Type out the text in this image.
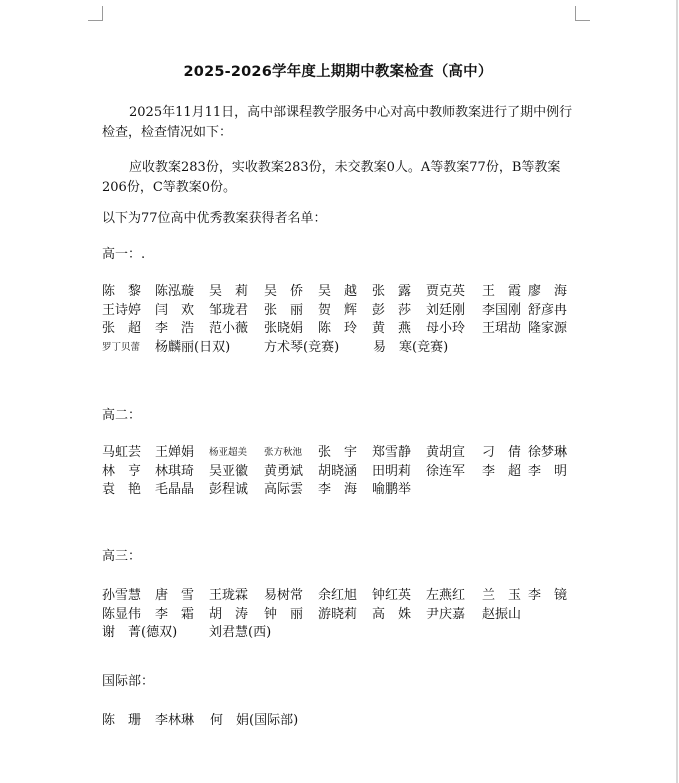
2025-2026学年度上期期中教案检查（高中）

2025年11月11日，高中部课程教学服务中心对高中教师教案进行了期中例行检查，检查情况如下：

应收教案283份，实收教案283份，未交教案0人。A等教案77份，B等教案206份，C等教案0份。

以下为77位高中优秀教案获得者名单：
高一：.
陈　黎 陈泓璇 吴　莉 吴　侨 吴　越 张　露 贾克英 王　霞 廖　海
王诗婷 闫　欢 邹珑君 张　丽 贺　辉 彭　莎 刘廷刚 李国刚 舒彦冉
张　超 李　浩 范小薇 张晓娟 陈　玲 黄　燕 母小玲 王珺劼 隆家源
罗丁贝蕾 杨麟丽(日双)	方术琴(竞赛)	易　寒(竞赛)
高二：
马虹芸 王婵娟 杨亚超美 张方秋池 张　宇 郑雪静 黄胡宣 刁　倩 徐梦琳
林　亨 林琪琦 吴亚徽 黄勇斌 胡晓涵 田明莉 徐连军 李　超 李　明
袁　艳 毛晶晶 彭程诚 高际雲 李　海 喻鹏举
高三：
孙雪慧 唐　雪 王珑霖 易树常 余红旭 钟红英 左燕红 兰　玉 李　镜
陈显伟 李　霜 胡　涛 钟　丽 游晓莉 高　姝 尹庆嘉 赵振山
谢　菁(德双) 刘君慧(西)
国际部：
陈　珊 李林琳 何　娟(国际部)
